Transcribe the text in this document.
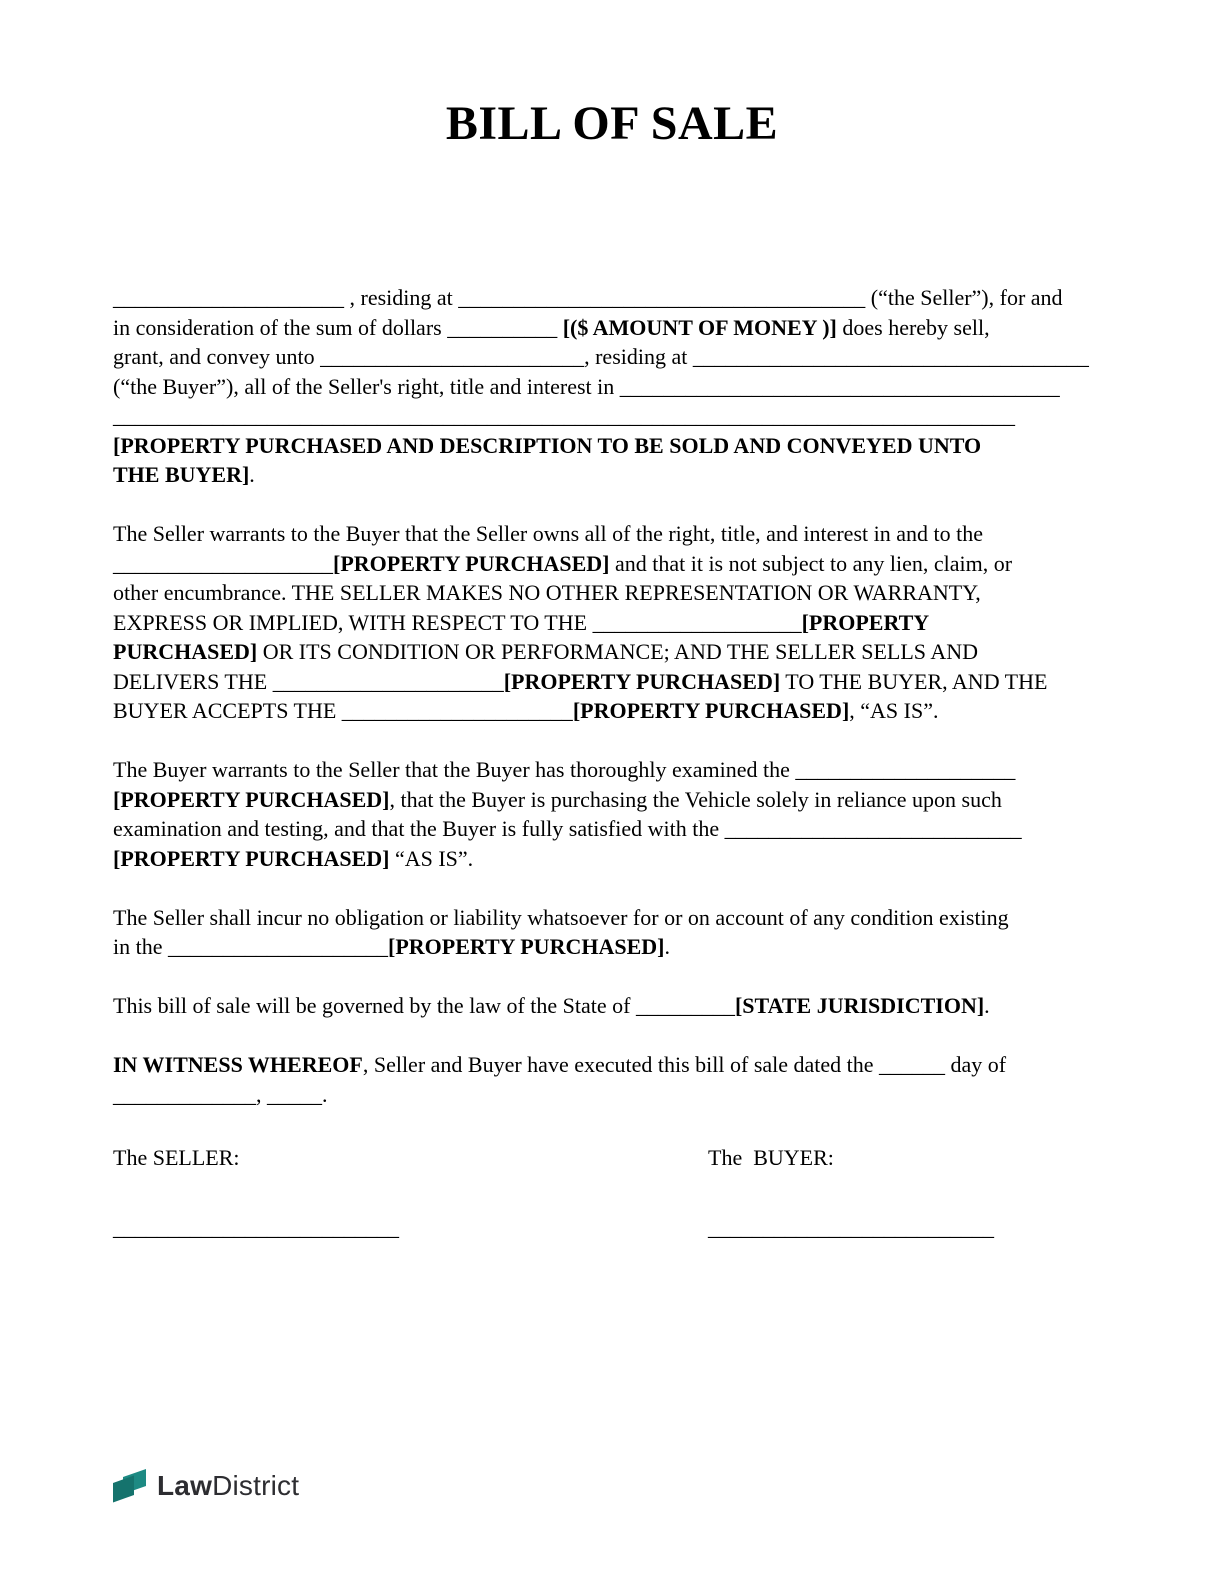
BILL OF SALE
_____________________ , residing at _____________________________________ (“the Seller”), for and
in consideration of the sum of dollars __________ [($ AMOUNT OF MONEY )] does hereby sell,
grant, and convey unto ________________________, residing at ____________________________________
(“the Buyer”), all of the Seller's right, title and interest in ________________________________________
__________________________________________________________________________________
[PROPERTY PURCHASED AND DESCRIPTION TO BE SOLD AND CONVEYED UNTO
THE BUYER].
The Seller warrants to the Buyer that the Seller owns all of the right, title, and interest in and to the
____________________[PROPERTY PURCHASED] and that it is not subject to any lien, claim, or
other encumbrance. THE SELLER MAKES NO OTHER REPRESENTATION OR WARRANTY,
EXPRESS OR IMPLIED, WITH RESPECT TO THE ___________________[PROPERTY
PURCHASED] OR ITS CONDITION OR PERFORMANCE; AND THE SELLER SELLS AND
DELIVERS THE _____________________[PROPERTY PURCHASED] TO THE BUYER, AND THE
BUYER ACCEPTS THE _____________________[PROPERTY PURCHASED], “AS IS”.
The Buyer warrants to the Seller that the Buyer has thoroughly examined the ____________________
[PROPERTY PURCHASED], that the Buyer is purchasing the Vehicle solely in reliance upon such
examination and testing, and that the Buyer is fully satisfied with the ___________________________
[PROPERTY PURCHASED] “AS IS”.
The Seller shall incur no obligation or liability whatsoever for or on account of any condition existing
in the ____________________[PROPERTY PURCHASED].
This bill of sale will be governed by the law of the State of _________[STATE JURISDICTION].
IN WITNESS WHEREOF, Seller and Buyer have executed this bill of sale dated the ______ day of
_____________, _____.
The SELLER:
__________________________
The  BUYER:
__________________________
LawDistrict
